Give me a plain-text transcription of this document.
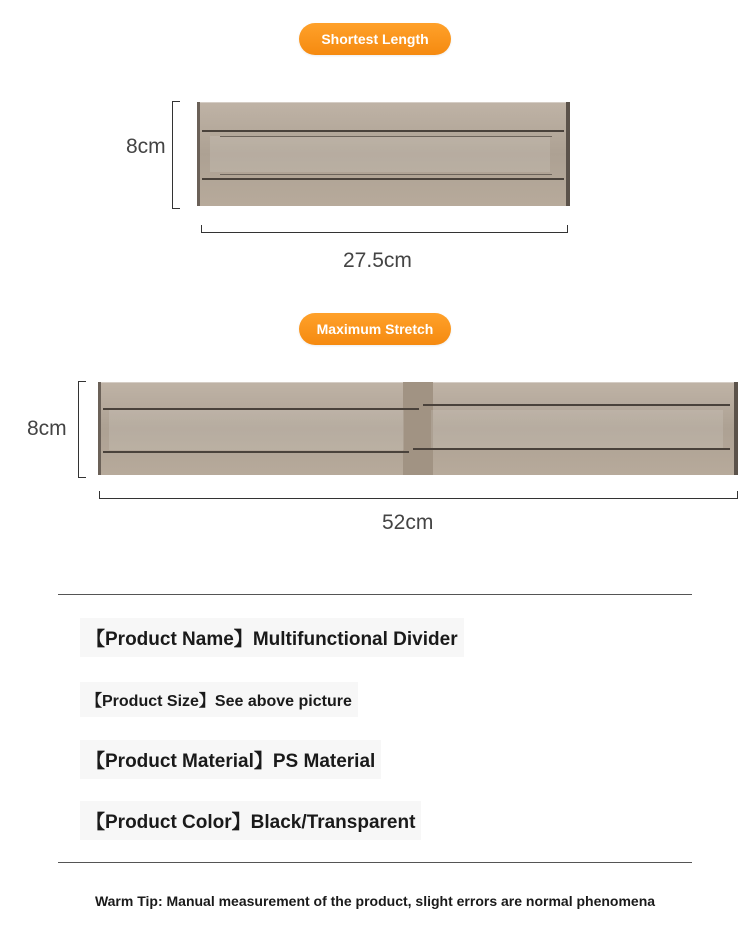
Shortest Length
8cm
27.5cm
Maximum Stretch
8cm
52cm
【Product Name】Multifunctional Divider
【Product Size】See above picture
【Product Material】PS Material
【Product Color】Black/Transparent
Warm Tip: Manual measurement of the product, slight errors are normal phenomena
